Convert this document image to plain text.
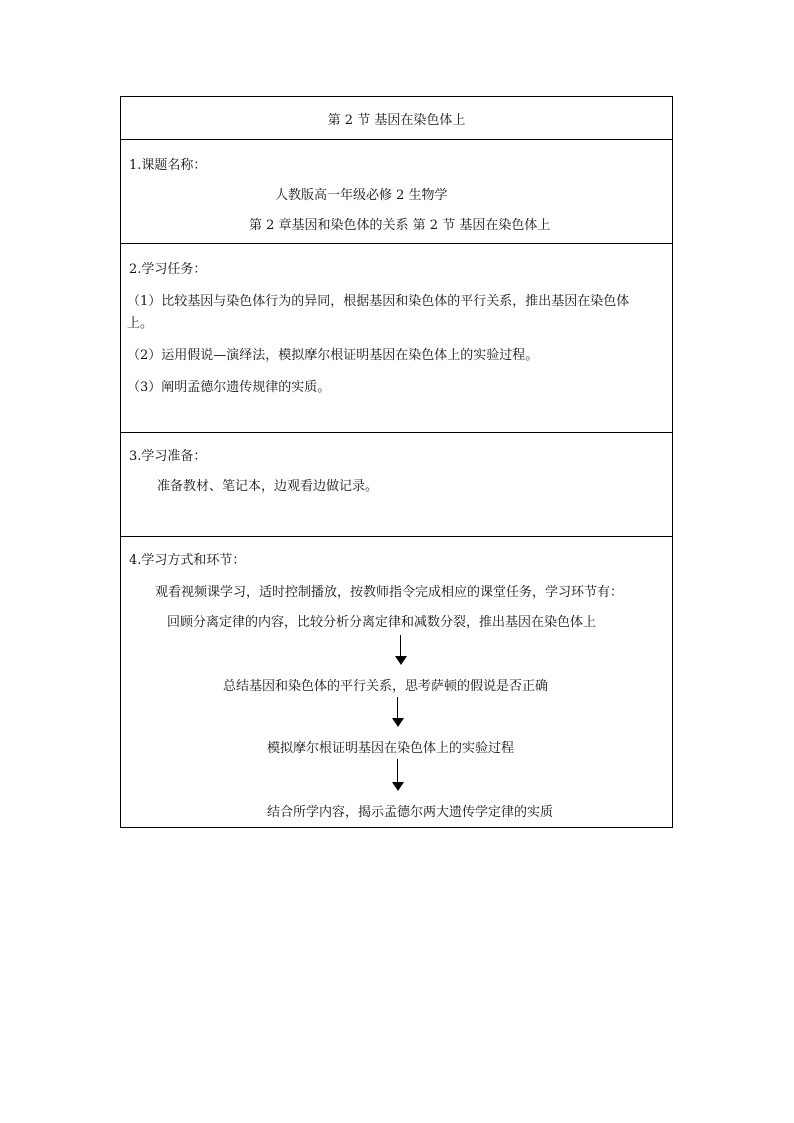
第 2 节 基因在染色体上
1.课题名称：
人教版高一年级必修 2 生物学
第 2 章基因和染色体的关系 第 2 节 基因在染色体上
2.学习任务：
（1）比较基因与染色体行为的异同，根据基因和染色体的平行关系，推出基因在染色体
上。
（2）运用假说—演绎法，模拟摩尔根证明基因在染色体上的实验过程。
（3）阐明孟德尔遗传规律的实质。
3.学习准备：
准备教材、笔记本，边观看边做记录。
4.学习方式和环节：
观看视频课学习，适时控制播放，按教师指令完成相应的课堂任务，学习环节有：
回顾分离定律的内容，比较分析分离定律和减数分裂，推出基因在染色体上
总结基因和染色体的平行关系，思考萨顿的假说是否正确
模拟摩尔根证明基因在染色体上的实验过程
结合所学内容，揭示孟德尔两大遗传学定律的实质
